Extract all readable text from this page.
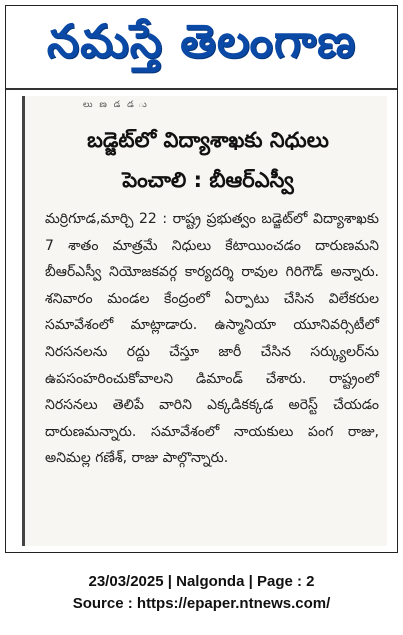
నమస్తే తెలంగాణ
లు ణ డ డ ు
బడ్జెట్‌లో విద్యాశాఖకు నిధులు
పెంచాలి : బీఆర్‌ఎస్వీ
మర్రిగూడ,మార్చి 22 : రాష్ట్ర ప్రభుత్వం బడ్జెట్‌లో విద్యాశాఖకు 7 శాతం మాత్రమే నిధులు కేటాయించడం దారుణమని బీఆర్‌ఎస్వీ నియోజకవర్గ కార్యదర్శి రావుల గిరిగౌడ్ అన్నారు. శనివారం మండల కేంద్రంలో ఏర్పాటు చేసిన విలేకరుల సమావేశంలో మాట్లాడారు. ఉస్మానియా యూనివర్సిటీలో నిరసనలను రద్దు చేస్తూ జారీ చేసిన సర్క్యులర్‌ను ఉపసంహరించుకోవాలని డిమాండ్ చేశారు. రాష్ట్రంలో నిరసనలు తెలిపే వారిని ఎక్కడికక్కడ అరెస్ట్ చేయడం దారుణమన్నారు. సమావేశంలో నాయకులు పంగ రాజు, అనిమల్ల గణేశ్, రాజు పాల్గొన్నారు.
23/03/2025 | Nalgonda | Page : 2
Source : https://epaper.ntnews.com/
